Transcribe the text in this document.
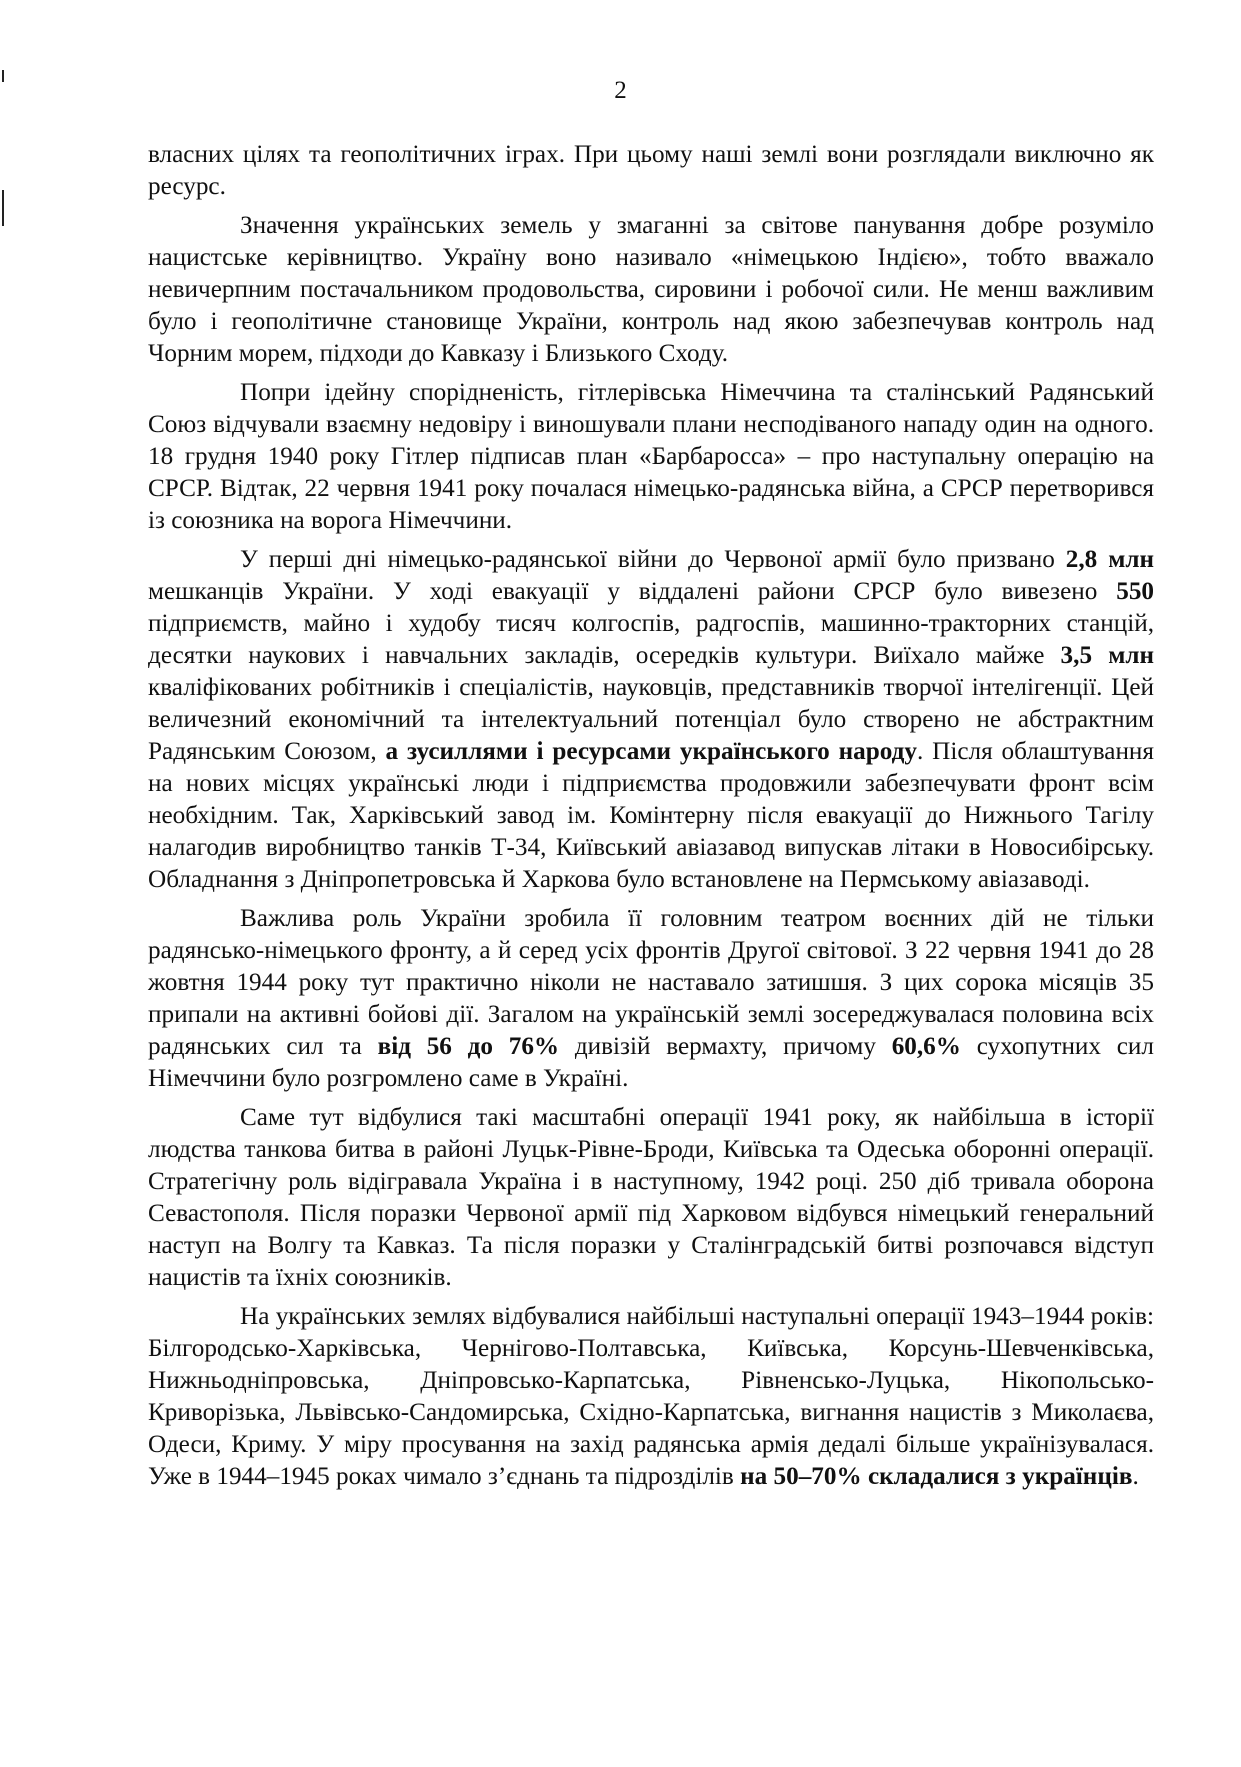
2

власних цілях та геополітичних іграх. При цьому наші землі вони розглядали виключно як ресурс.

Значення українських земель у змаганні за світове панування добре розуміло нацистське керівництво. Україну воно називало «німецькою Індією», тобто вважало невичерпним постачальником продовольства, сировини і робочої сили. Не менш важливим було і геополітичне становище України, контроль над якою забезпечував контроль над Чорним морем, підходи до Кавказу і Близького Сходу.

Попри ідейну спорідненість, гітлерівська Німеччина та сталінський Радянський Союз відчували взаємну недовіру і виношували плани несподіваного нападу один на одного. 18 грудня 1940 року Гітлер підписав план «Барбаросса» – про наступальну операцію на СРСР. Відтак, 22 червня 1941 року почалася німецько-радянська війна, а СРСР перетворився із союзника на ворога Німеччини.

У перші дні німецько-радянської війни до Червоної армії було призвано 2,8 млн мешканців України. У ході евакуації у віддалені райони СРСР було вивезено 550 підприємств, майно і худобу тисяч колгоспів, радгоспів, машинно-тракторних станцій, десятки наукових і навчальних закладів, осередків культури. Виїхало майже 3,5 млн кваліфікованих робітників і спеціалістів, науковців, представників творчої інтелігенції. Цей величезний економічний та інтелектуальний потенціал було створено не абстрактним Радянським Союзом, а зусиллями і ресурсами українського народу. Після облаштування на нових місцях українські люди і підприємства продовжили забезпечувати фронт всім необхідним. Так, Харківський завод ім. Комінтерну після евакуації до Нижнього Тагілу налагодив виробництво танків Т-34, Київський авіазавод випускав літаки в Новосибірську. Обладнання з Дніпропетровська й Харкова було встановлене на Пермському авіазаводі.

Важлива роль України зробила її головним театром воєнних дій не тільки радянсько-німецького фронту, а й серед усіх фронтів Другої світової. З 22 червня 1941 до 28 жовтня 1944 року тут практично ніколи не наставало затишшя. З цих сорока місяців 35 припали на активні бойові дії. Загалом на українській землі зосереджувалася половина всіх радянських сил та від 56 до 76% дивізій вермахту, причому 60,6% сухопутних сил Німеччини було розгромлено саме в Україні.

Саме тут відбулися такі масштабні операції 1941 року, як найбільша в історії людства танкова битва в районі Луцьк-Рівне-Броди, Київська та Одеська оборонні операції. Стратегічну роль відігравала Україна і в наступному, 1942 році. 250 діб тривала оборона Севастополя. Після поразки Червоної армії під Харковом відбувся німецький генеральний наступ на Волгу та Кавказ. Та після поразки у Сталінградській битві розпочався відступ нацистів та їхніх союзників.

На українських землях відбувалися найбільші наступальні операції 1943–1944 років: Білгородсько-Харківська, Чернігово-Полтавська, Київська, Корсунь-Шевченківська, Нижньодніпровська, Дніпровсько-Карпатська, Рівненсько-Луцька, Нікопольсько-Криворізька, Львівсько-Сандомирська, Східно-Карпатська, вигнання нацистів з Миколаєва, Одеси, Криму. У міру просування на захід радянська армія дедалі більше українізувалася. Уже в 1944–1945 роках чимало з’єднань та підрозділів на 50–70% складалися з українців.
